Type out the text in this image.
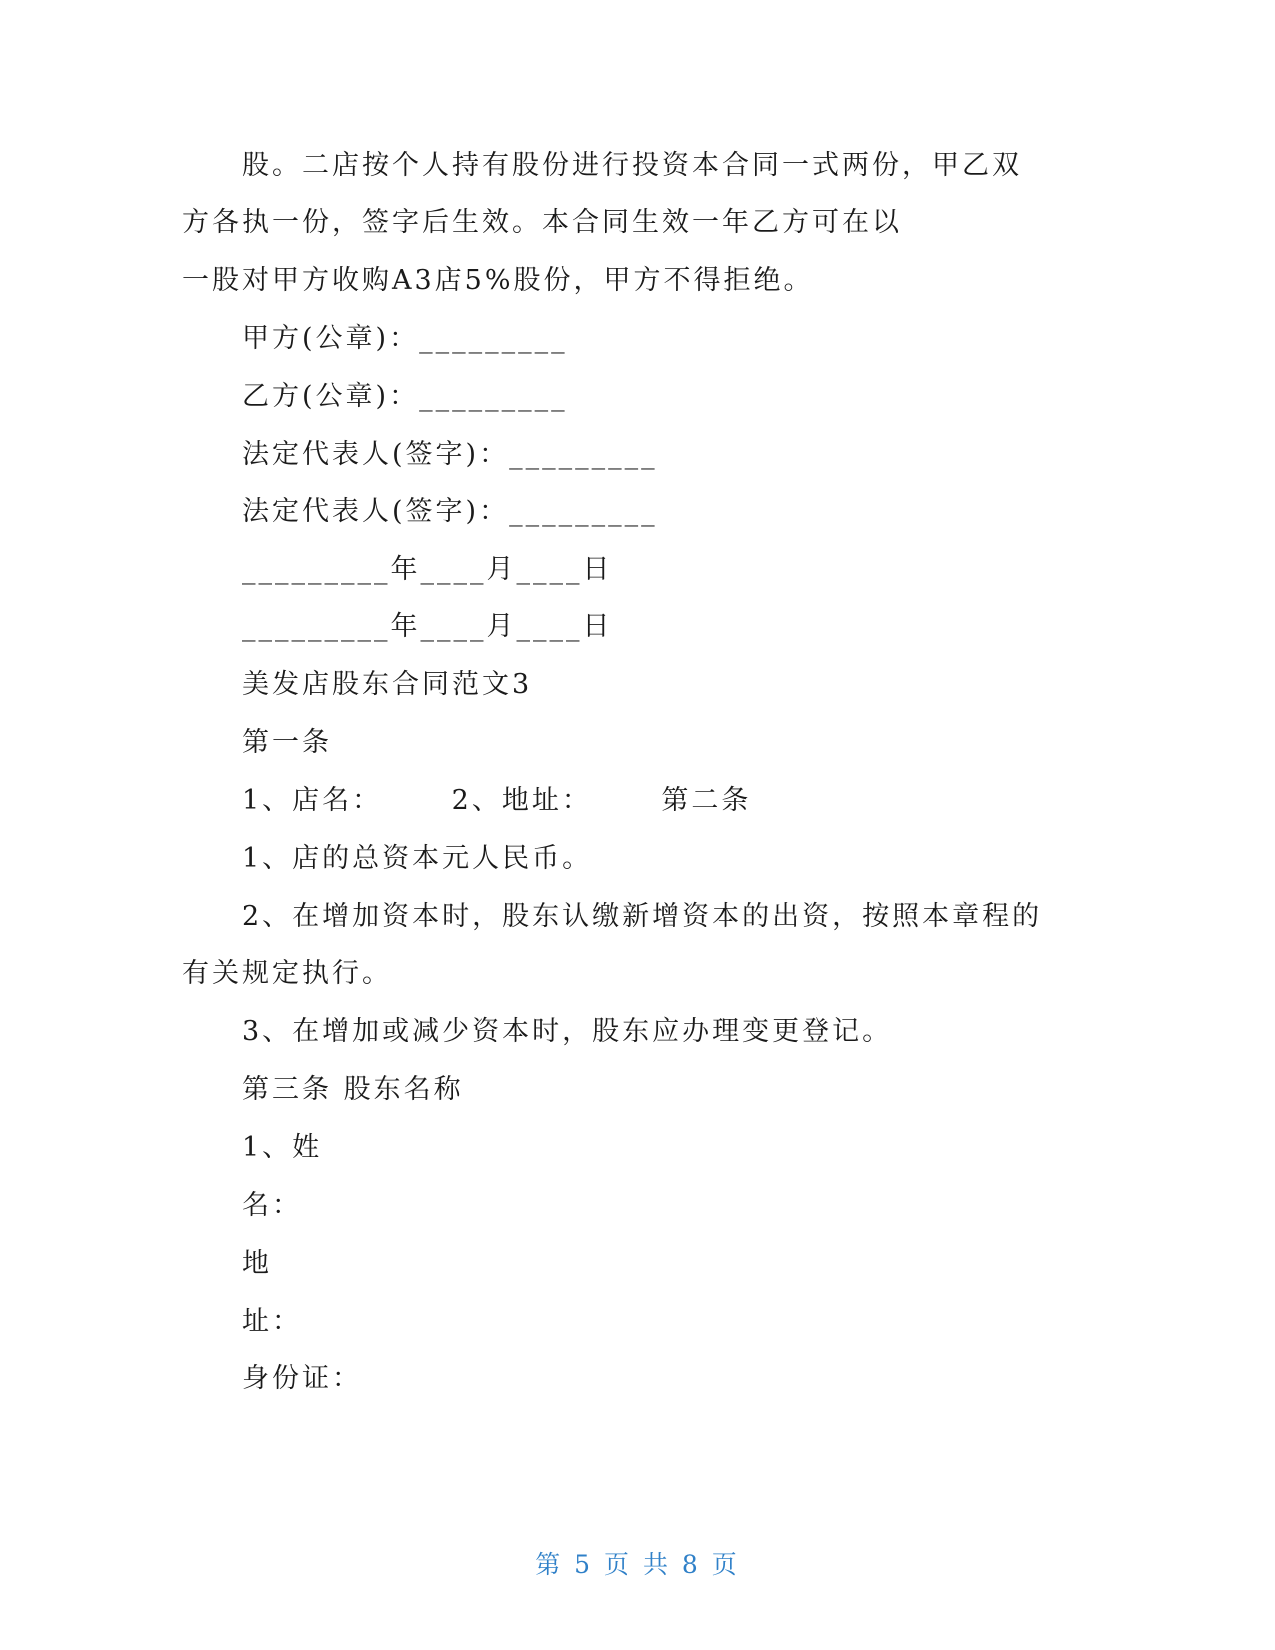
股。二店按个人持有股份进行投资本合同一式两份，甲乙双
方各执一份，签字后生效。本合同生效一年乙方可在以
一股对甲方收购A3店5%股份，甲方不得拒绝。
甲方(公章)：_________
乙方(公章)：_________
法定代表人(签字)：_________
法定代表人(签字)：_________
_________年____月____日
_________年____月____日
美发店股东合同范文3
第一条
1、店名：      2、地址：      第二条
1、店的总资本元人民币。
2、在增加资本时，股东认缴新增资本的出资，按照本章程的
有关规定执行。
3、在增加或减少资本时，股东应办理变更登记。
第三条 股东名称
1、姓
名：
地
址：
身份证：
第 5 页 共 8 页
